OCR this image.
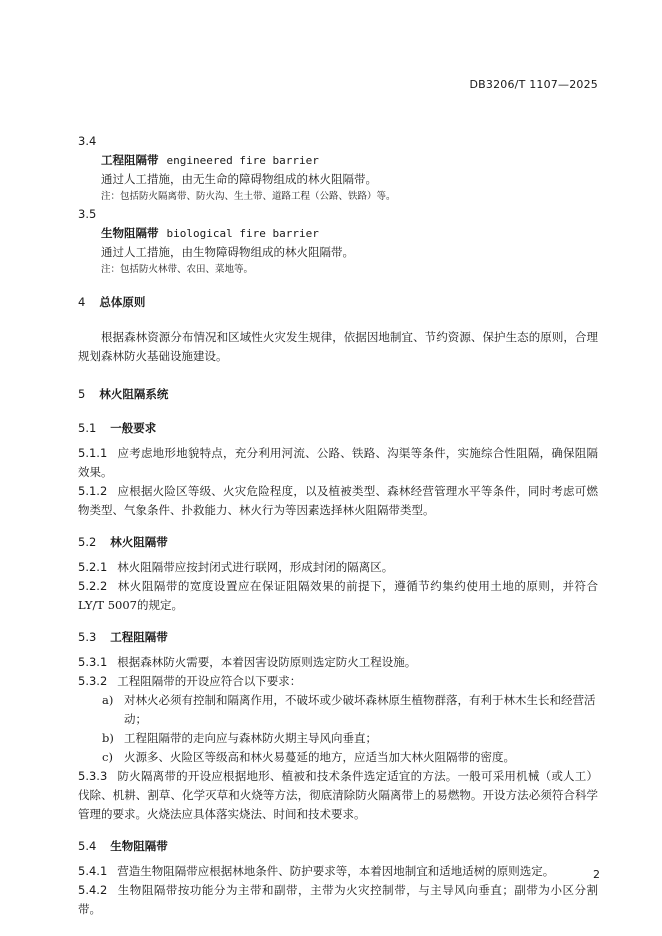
DB3206/T 1107—2025
3.4
工程阻隔带 engineered fire barrier
通过人工措施，由无生命的障碍物组成的林火阻隔带。
注：包括防火隔离带、防火沟、生土带、道路工程（公路、铁路）等。
3.5
生物阻隔带 biological fire barrier
通过人工措施，由生物障碍物组成的林火阻隔带。
注：包括防火林带、农田、菜地等。
4 总体原则
根据森林资源分布情况和区域性火灾发生规律，依据因地制宜、节约资源、保护生态的原则，合理规划森林防火基础设施建设。
5 林火阻隔系统
5.1 一般要求
5.1.1 应考虑地形地貌特点，充分利用河流、公路、铁路、沟渠等条件，实施综合性阻隔，确保阻隔效果。
5.1.2 应根据火险区等级、火灾危险程度，以及植被类型、森林经营管理水平等条件，同时考虑可燃物类型、气象条件、扑救能力、林火行为等因素选择林火阻隔带类型。
5.2 林火阻隔带
5.2.1 林火阻隔带应按封闭式进行联网，形成封闭的隔离区。
5.2.2 林火阻隔带的宽度设置应在保证阻隔效果的前提下，遵循节约集约使用土地的原则，并符合LY/T 5007的规定。
5.3 工程阻隔带
5.3.1 根据森林防火需要，本着因害设防原则选定防火工程设施。
5.3.2 工程阻隔带的开设应符合以下要求：
a) 对林火必须有控制和隔离作用，不破坏或少破坏森林原生植物群落，有利于林木生长和经营活动；
b) 工程阻隔带的走向应与森林防火期主导风向垂直；
c) 火源多、火险区等级高和林火易蔓延的地方，应适当加大林火阻隔带的密度。
5.3.3 防火隔离带的开设应根据地形、植被和技术条件选定适宜的方法。一般可采用机械（或人工）伐除、机耕、割草、化学灭草和火烧等方法，彻底清除防火隔离带上的易燃物。开设方法必须符合科学管理的要求。火烧法应具体落实烧法、时间和技术要求。
5.4 生物阻隔带
5.4.1 营造生物阻隔带应根据林地条件、防护要求等，本着因地制宜和适地适树的原则选定。
5.4.2 生物阻隔带按功能分为主带和副带，主带为火灾控制带，与主导风向垂直；副带为小区分割带。
2
